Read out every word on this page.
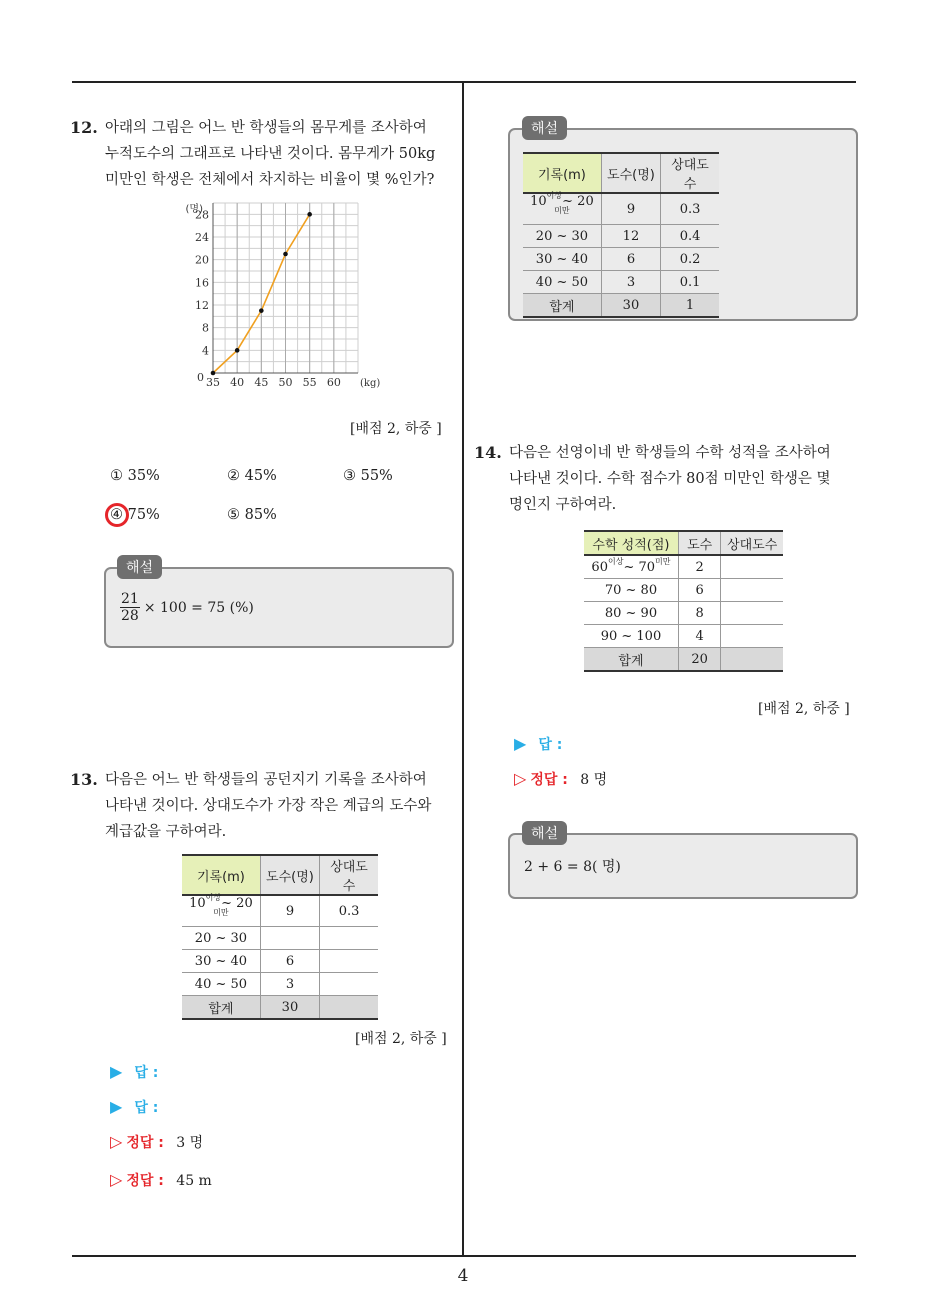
4
12. 아래의 그림은 어느 반 학생들의 몸무게를 조사하여
누적도수의 그래프로 나타낸 것이다. 몸무게가 50kg
미만인 학생은 전체에서 차지하는 비율이 몇 %인가?
0
4
8
12
16
20
24
28
35 40 45 50 55 60
(명)
(kg)
[배점 2, 하중 ]
① 35%	② 45%	③ 55%
④ 75%	⑤ 85%
$\frac{21}{28} \times 100 = 75$ (%)
해설
13. 다음은 어느 반 학생들의 공던지기 기록을 조사하여
나타낸 것이다. 상대도수가 가장 작은 계급의 도수와
계급값을 구하여라.
기록(m)	도수(명)	상대도수
$10^{이상}\sim$ $20^{미만}$	9	0.3
20 ~ 30		
30 ~ 40	6	
40 ~ 50	3	
합계	30	
[배점 2, 하중 ]
▶ 답 :
▶ 답 :
▷ 정답 : 3 명
▷ 정답 : 45 m
기록(m)	도수(명)	상대도수
$10^{이상}\sim$ $20^{미만}$	9	0.3
20 ~ 30	12	0.4
30 ~ 40	6	0.2
40 ~ 50	3	0.1
합계	30	1
해설
14. 다음은 선영이네 반 학생들의 수학 성적을 조사하여
나타낸 것이다. 수학 점수가 80점 미만인 학생은 몇
명인지 구하여라.
수학 성적(점)	도수	상대도수
$60^{이상}\sim$ $70^{미만}$	2	
70 ~ 80	6	
80 ~ 90	8	
90 ~ 100	4	
합계	20	
[배점 2, 하중 ]
▶ 답 :
▷ 정답 : 8 명
2 + 6 = 8( 명)
해설
